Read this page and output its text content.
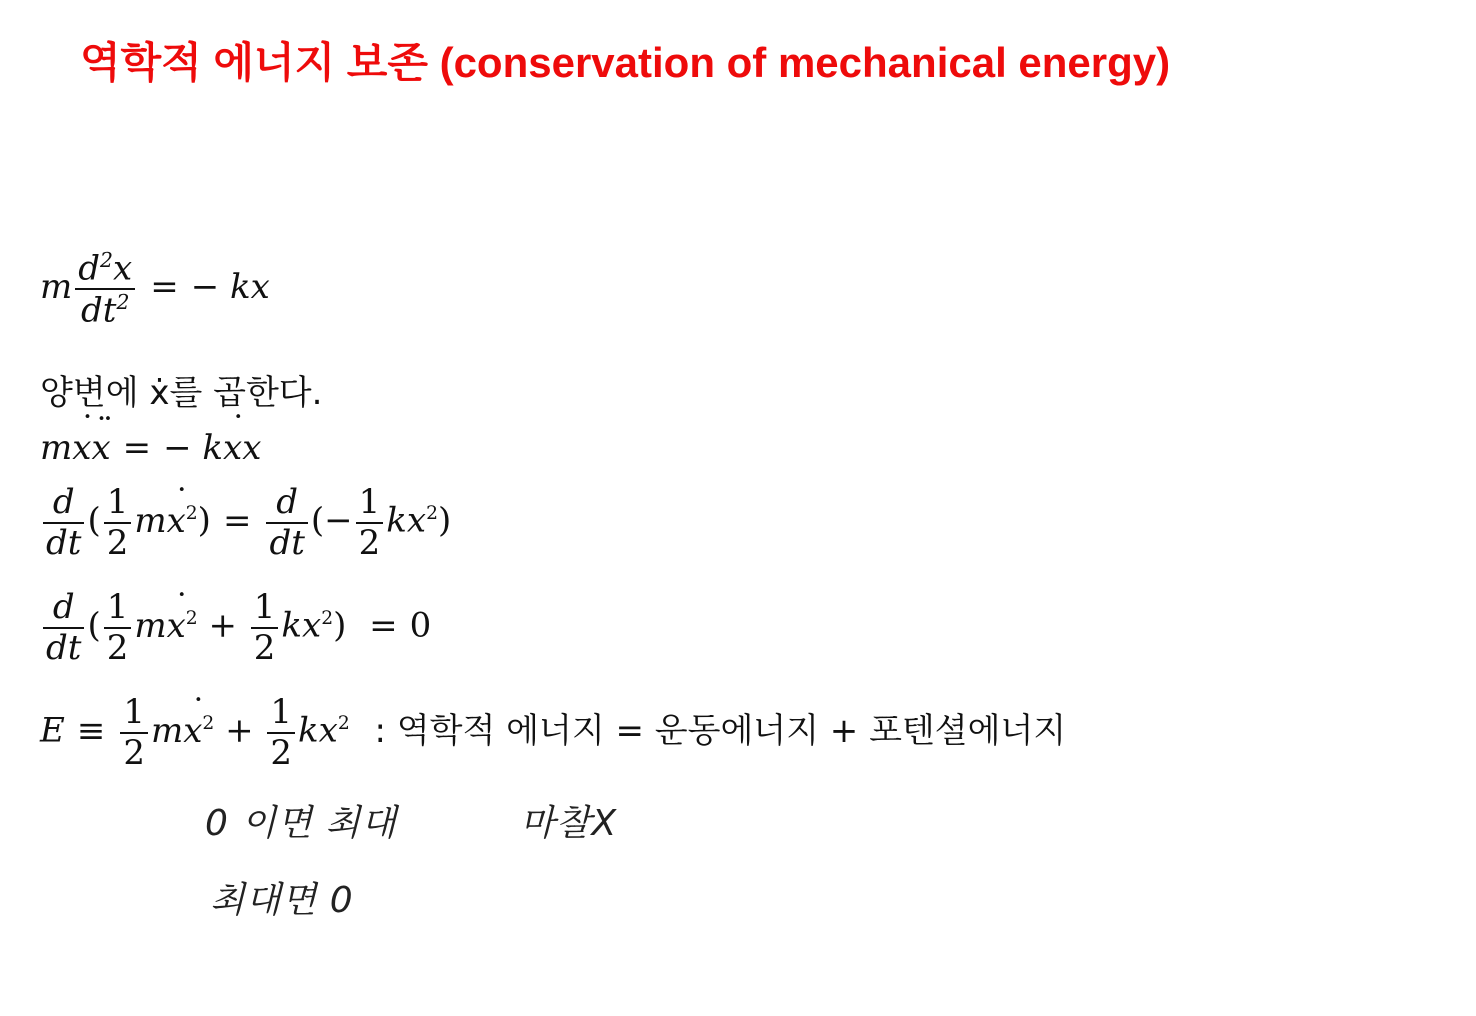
역학적 에너지 보존 (conservation of mechanical energy)
m $\frac{d^2x}{dt^2}$ = − kx
양변에 ẋ를 곱한다.
m˙ x¨ x = − k˙ xx
$\frac{d}{dt}$ ( $\frac{1}{2}$ m˙ $x^2) = \frac{d}{dt}$ (− $\frac{1}{2} kx^2$)
$\frac{d}{dt}$ ( $\frac{1}{2}$ m˙ $x^2 + \frac{1}{2} kx^2) = 0$
$E \equiv \frac{1}{2}$ m˙ $x^2 + \frac{1}{2} kx^2$ : 역학적 에너지 = 운동에너지 + 포텐셜에너지
0 이면 최대	마찰X
최대면 0
